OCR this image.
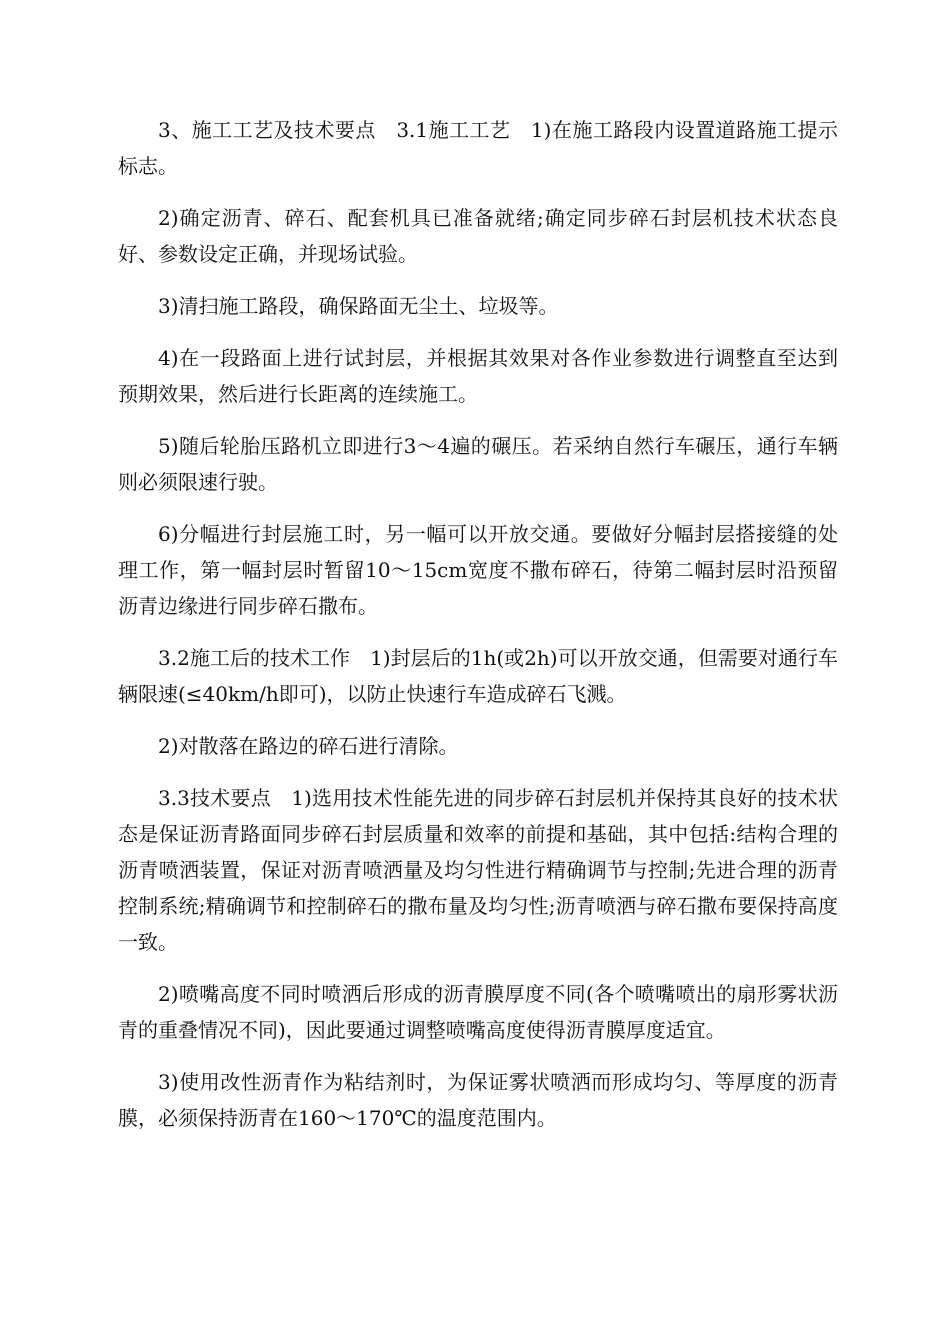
3、施工工艺及技术要点　3.1施工工艺　1)在施工路段内设置道路施工提示标志。

2)确定沥青、碎石、配套机具已准备就绪;确定同步碎石封层机技术状态良好、参数设定正确，并现场试验。

3)清扫施工路段，确保路面无尘土、垃圾等。

4)在一段路面上进行试封层，并根据其效果对各作业参数进行调整直至达到预期效果，然后进行长距离的连续施工。

5)随后轮胎压路机立即进行3～4遍的碾压。若采纳自然行车碾压，通行车辆则必须限速行驶。

6)分幅进行封层施工时，另一幅可以开放交通。要做好分幅封层搭接缝的处理工作，第一幅封层时暂留10～15cm宽度不撒布碎石，待第二幅封层时沿预留沥青边缘进行同步碎石撒布。

3.2施工后的技术工作　1)封层后的1h(或2h)可以开放交通，但需要对通行车辆限速(≤40km/h即可)，以防止快速行车造成碎石飞溅。

2)对散落在路边的碎石进行清除。

3.3技术要点　1)选用技术性能先进的同步碎石封层机并保持其良好的技术状态是保证沥青路面同步碎石封层质量和效率的前提和基础，其中包括:结构合理的沥青喷洒装置，保证对沥青喷洒量及均匀性进行精确调节与控制;先进合理的沥青控制系统;精确调节和控制碎石的撒布量及均匀性;沥青喷洒与碎石撒布要保持高度一致。

2)喷嘴高度不同时喷洒后形成的沥青膜厚度不同(各个喷嘴喷出的扇形雾状沥青的重叠情况不同)，因此要通过调整喷嘴高度使得沥青膜厚度适宜。

3)使用改性沥青作为粘结剂时，为保证雾状喷洒而形成均匀、等厚度的沥青膜，必须保持沥青在160～170℃的温度范围内。
